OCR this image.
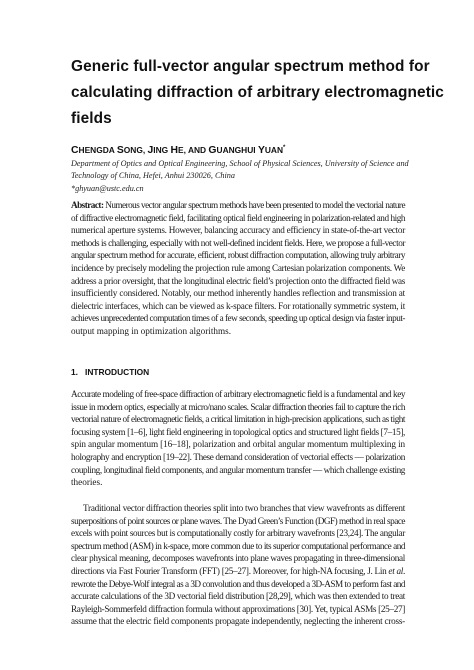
Generic full-vector angular spectrum method for
calculating diffraction of arbitrary electromagnetic
fields
CHENGDA SONG, JING HE, AND GUANGHUI YUAN*
Department of Optics and Optical Engineering, School of Physical Sciences, University of Science and
Technology of China, Hefei, Anhui 230026, China
*ghyuan@ustc.edu.cn
Abstract: Numerous vector angular spectrum methods have been presented to model the vectorial nature
of diffractive electromagnetic field, facilitating optical field engineering in polarization-related and high
numerical aperture systems. However, balancing accuracy and efficiency in state-of-the-art vector
methods is challenging, especially with not well-defined incident fields. Here, we propose a full-vector
angular spectrum method for accurate, efficient, robust diffraction computation, allowing truly arbitrary
incidence by precisely modeling the projection rule among Cartesian polarization components. We
address a prior oversight, that the longitudinal electric field’s projection onto the diffracted field was
insufficiently considered. Notably, our method inherently handles reflection and transmission at
dielectric interfaces, which can be viewed as k-space filters. For rotationally symmetric system, it
achieves unprecedented computation times of a few seconds, speeding up optical design via faster input-
output mapping in optimization algorithms.
1. INTRODUCTION
Accurate modeling of free-space diffraction of arbitrary electromagnetic field is a fundamental and key
issue in modern optics, especially at micro/nano scales. Scalar diffraction theories fail to capture the rich
vectorial nature of electromagnetic fields, a critical limitation in high-precision applications, such as tight
focusing system [1–6], light field engineering in topological optics and structured light fields [7–15],
spin angular momentum [16–18], polarization and orbital angular momentum multiplexing in
holography and encryption [19–22]. These demand consideration of vectorial effects — polarization
coupling, longitudinal field components, and angular momentum transfer — which challenge existing
theories.
Traditional vector diffraction theories split into two branches that view wavefronts as different
superpositions of point sources or plane waves. The Dyad Green’s Function (DGF) method in real space
excels with point sources but is computationally costly for arbitrary wavefronts [23,24]. The angular
spectrum method (ASM) in k-space, more common due to its superior computational performance and
clear physical meaning, decomposes wavefronts into plane waves propagating in three-dimensional
directions via Fast Fourier Transform (FFT) [25–27]. Moreover, for high-NA focusing, J. Lin et al.
rewrote the Debye-Wolf integral as a 3D convolution and thus developed a 3D-ASM to perform fast and
accurate calculations of the 3D vectorial field distribution [28,29], which was then extended to treat
Rayleigh-Sommerfeld diffraction formula without approximations [30]. Yet, typical ASMs [25–27]
assume that the electric field components propagate independently, neglecting the inherent cross-
